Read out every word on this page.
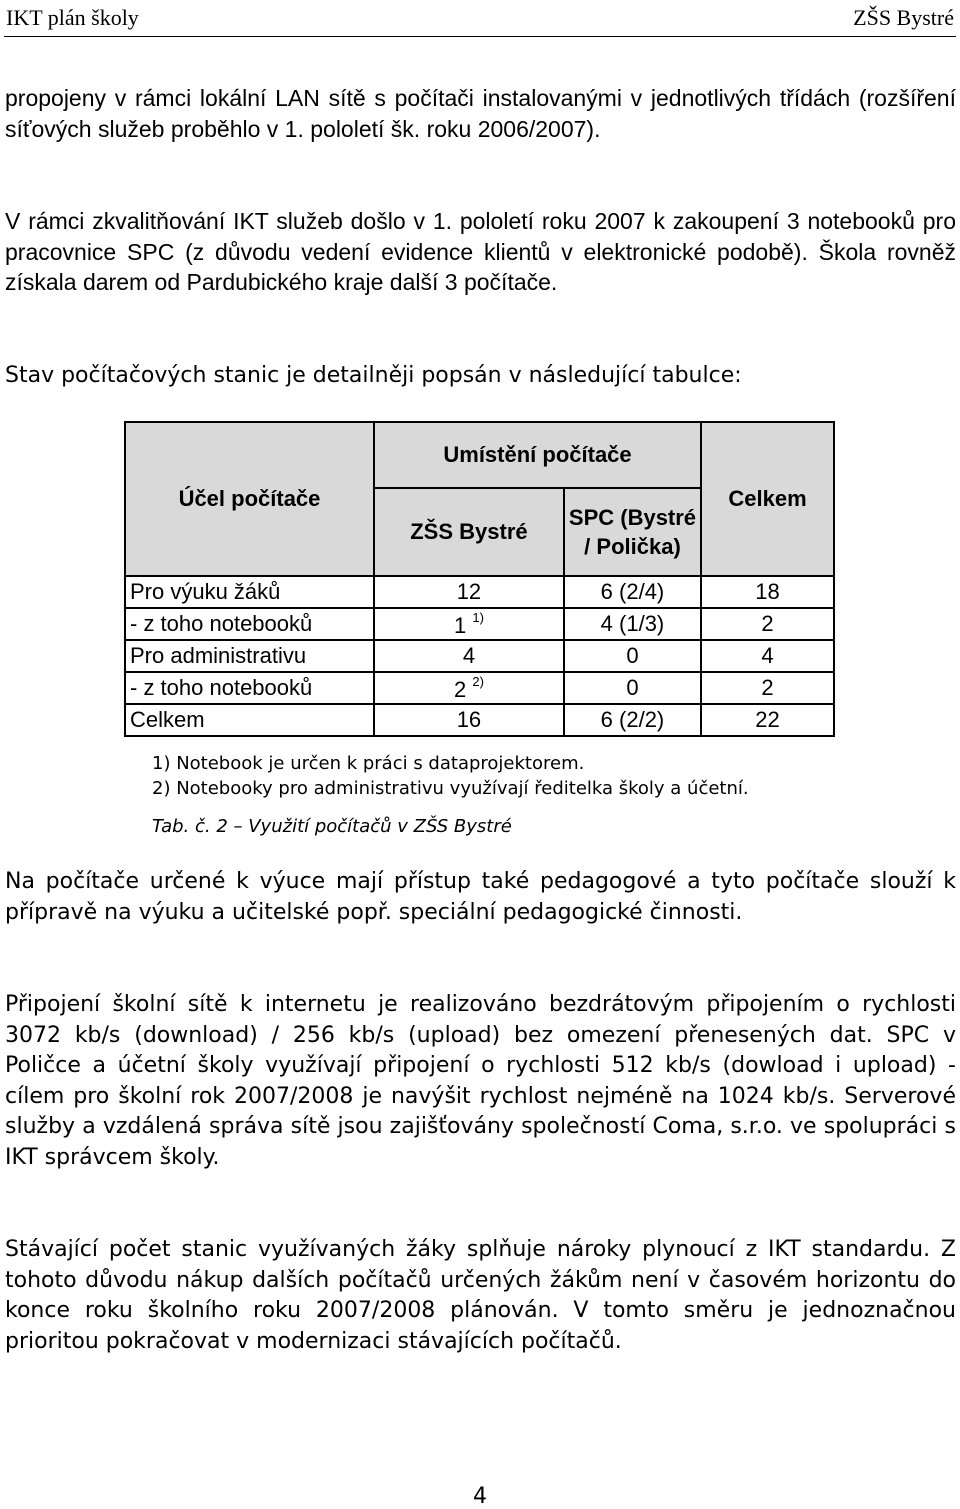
IKT plán školy	ZŠS Bystré

propojeny v rámci lokální LAN sítě s počítači instalovanými v jednotlivých třídách (rozšíření síťových služeb proběhlo v 1. pololetí šk. roku 2006/2007).

V rámci zkvalitňování IKT služeb došlo v 1. pololetí roku 2007 k zakoupení 3 notebooků pro pracovnice SPC (z důvodu vedení evidence klientů v elektronické podobě). Škola rovněž získala darem od Pardubického kraje další 3 počítače.

Stav počítačových stanic je detailněji popsán v následující tabulce:

Účel počítače	Umístění počítače		Celkem
	ZŠS Bystré	SPC (Bystré / Polička)	
Pro výuku žáků	12	6 (2/4)	18
- z toho notebooků	1 $^{1)}$	4 (1/3)	2
Pro administrativu	4	0	4
- z toho notebooků	2 $^{2)}$	0	2
Celkem	16	6 (2/2)	22
1) Notebook je určen k práci s dataprojektorem.
2) Notebooky pro administrativu využívají ředitelka školy a účetní.
Tab. č. 2 – Využití počítačů v ZŠS Bystré

Na počítače určené k výuce mají přístup také pedagogové a tyto počítače slouží k přípravě na výuku a učitelské popř. speciální pedagogické činnosti.

Připojení školní sítě k internetu je realizováno bezdrátovým připojením o rychlosti 3072 kb/s (download) / 256 kb/s (upload) bez omezení přenesených dat. SPC v Poličce a účetní školy využívají připojení o rychlosti 512 kb/s (dowload i upload) - cílem pro školní rok 2007/2008 je navýšit rychlost nejméně na 1024 kb/s. Serverové služby a vzdálená správa sítě jsou zajišťovány společností Coma, s.r.o. ve spolupráci s IKT správcem školy.

Stávající počet stanic využívaných žáky splňuje nároky plynoucí z IKT standardu. Z tohoto důvodu nákup dalších počítačů určených žákům není v časovém horizontu do konce roku školního roku 2007/2008 plánován. V tomto směru je jednoznačnou prioritou pokračovat v modernizaci stávajících počítačů.

4
